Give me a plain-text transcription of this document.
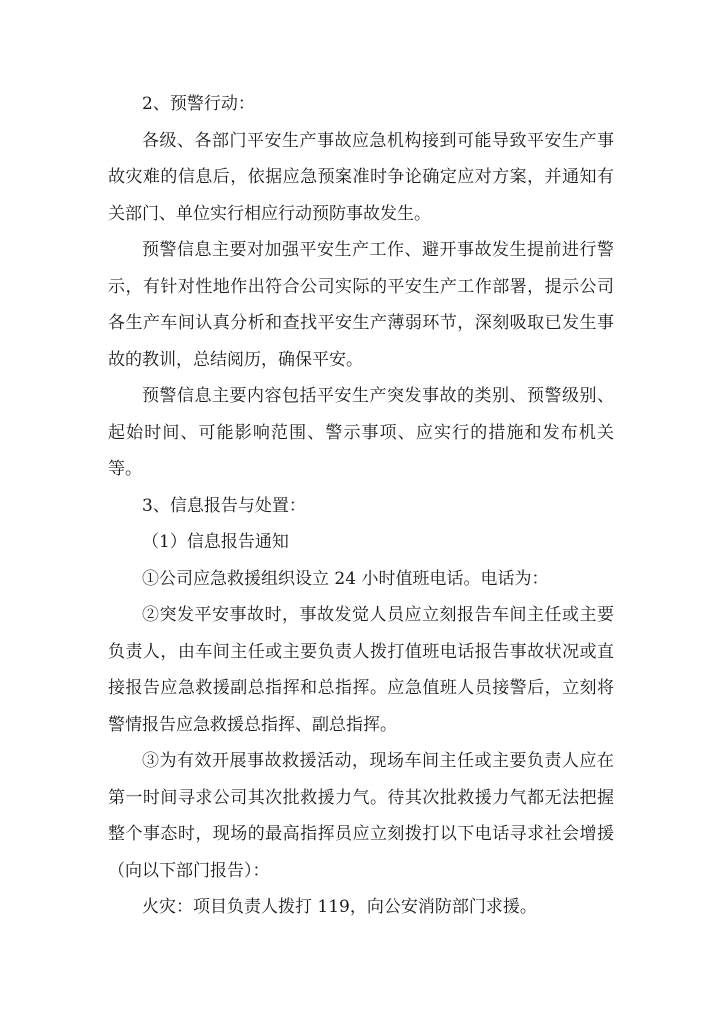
2、预警行动：

各级、各部门平安生产事故应急机构接到可能导致平安生产事故灾难的信息后，依据应急预案准时争论确定应对方案，并通知有关部门、单位实行相应行动预防事故发生。

预警信息主要对加强平安生产工作、避开事故发生提前进行警示，有针对性地作出符合公司实际的平安生产工作部署，提示公司各生产车间认真分析和查找平安生产薄弱环节，深刻吸取已发生事故的教训，总结阅历，确保平安。

预警信息主要内容包括平安生产突发事故的类别、预警级别、起始时间、可能影响范围、警示事项、应实行的措施和发布机关等。

3、信息报告与处置：

（1）信息报告通知

①公司应急救援组织设立 24 小时值班电话。电话为：

②突发平安事故时，事故发觉人员应立刻报告车间主任或主要负责人，由车间主任或主要负责人拨打值班电话报告事故状况或直接报告应急救援副总指挥和总指挥。应急值班人员接警后，立刻将警情报告应急救援总指挥、副总指挥。

③为有效开展事故救援活动，现场车间主任或主要负责人应在第一时间寻求公司其次批救援力气。待其次批救援力气都无法把握整个事态时，现场的最高指挥员应立刻拨打以下电话寻求社会增援（向以下部门报告）：

火灾：项目负责人拨打 119，向公安消防部门求援。
